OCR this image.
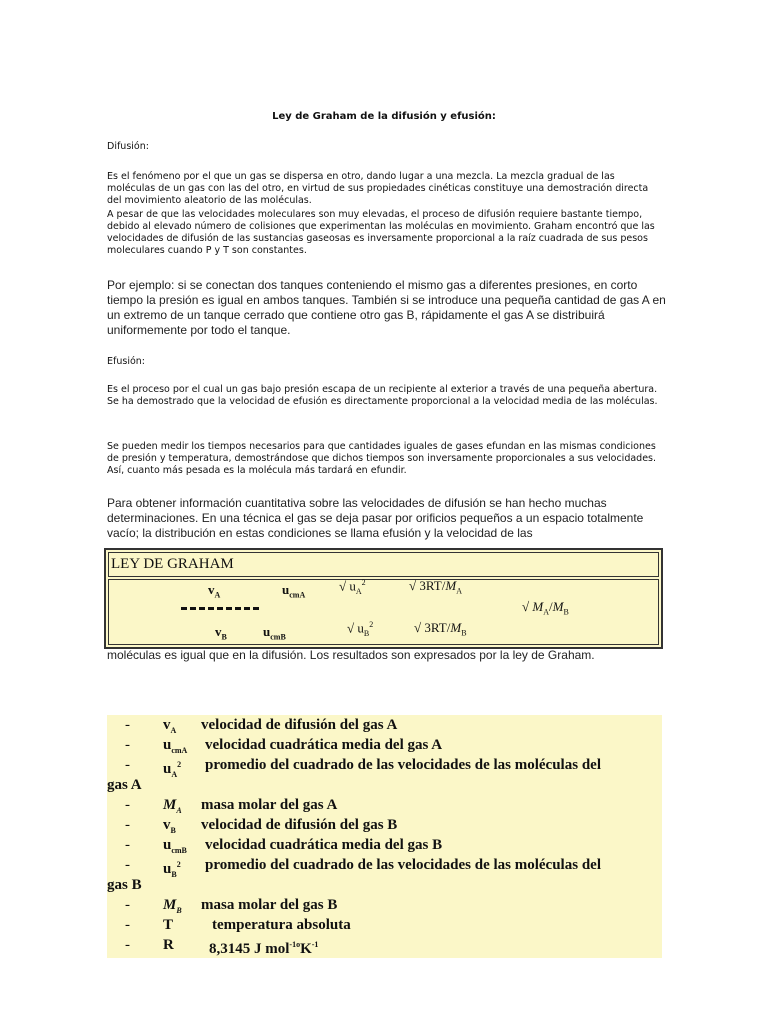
Ley de Graham de la difusión y efusión:

Difusión:

Es el fenómeno por el que un gas se dispersa en otro, dando lugar a una mezcla. La mezcla gradual de las moléculas de un gas con las del otro, en virtud de sus propiedades cinéticas constituye una demostración directa del movimiento aleatorio de las moléculas.

A pesar de que las velocidades moleculares son muy elevadas, el proceso de difusión requiere bastante tiempo, debido al elevado número de colisiones que experimentan las moléculas en movimiento. Graham encontró que las velocidades de difusión de las sustancias gaseosas es inversamente proporcional a la raíz cuadrada de sus pesos moleculares cuando P y T son constantes.

Por ejemplo: si se conectan dos tanques conteniendo el mismo gas a diferentes presiones, en corto tiempo la presión es igual en ambos tanques. También si se introduce una pequeña cantidad de gas A en un extremo de un tanque cerrado que contiene otro gas B, rápidamente el gas A se distribuirá uniformemente por todo el tanque.

Efusión:

Es el proceso por el cual un gas bajo presión escapa de un recipiente al exterior a través de una pequeña abertura. Se ha demostrado que la velocidad de efusión es directamente proporcional a la velocidad media de las moléculas.

Se pueden medir los tiempos necesarios para que cantidades iguales de gases efundan en las mismas condiciones de presión y temperatura, demostrándose que dichos tiempos son inversamente proporcionales a sus velocidades. Así, cuanto más pesada es la molécula más tardará en efundir.

Para obtener información cuantitativa sobre las velocidades de difusión se han hecho muchas determinaciones. En una técnica el gas se deja pasar por orificios pequeños a un espacio totalmente vacío; la distribución en estas condiciones se llama efusión y la velocidad de las

LEY DE GRAHAM
$v_A$	$u_{cmA}$
√ $u_A^2$	√ $3RT/M_A$
√ $M_A/M_B$
$v_B$	$u_{cmB}$
√ $u_B^2$	√ $3RT/M_B$

moléculas es igual que en la difusión. Los resultados son expresados por la ley de Graham.

- $v_A$ velocidad de difusión del gas A
- $u_{cmA}$ velocidad cuadrática media del gas A
- $u_A^2$ promedio del cuadrado de las velocidades de las moléculas del
gas A
- $M_A$ masa molar del gas A
- $v_B$ velocidad de difusión del gas B
- $u_{cmB}$ velocidad cuadrática media del gas B
- $u_B^2$ promedio del cuadrado de las velocidades de las moléculas del
gas B
- $M_B$ masa molar del gas B
- T	temperatura absoluta
- R 8,3145 J $mol^{-1o}K^{-1}$
